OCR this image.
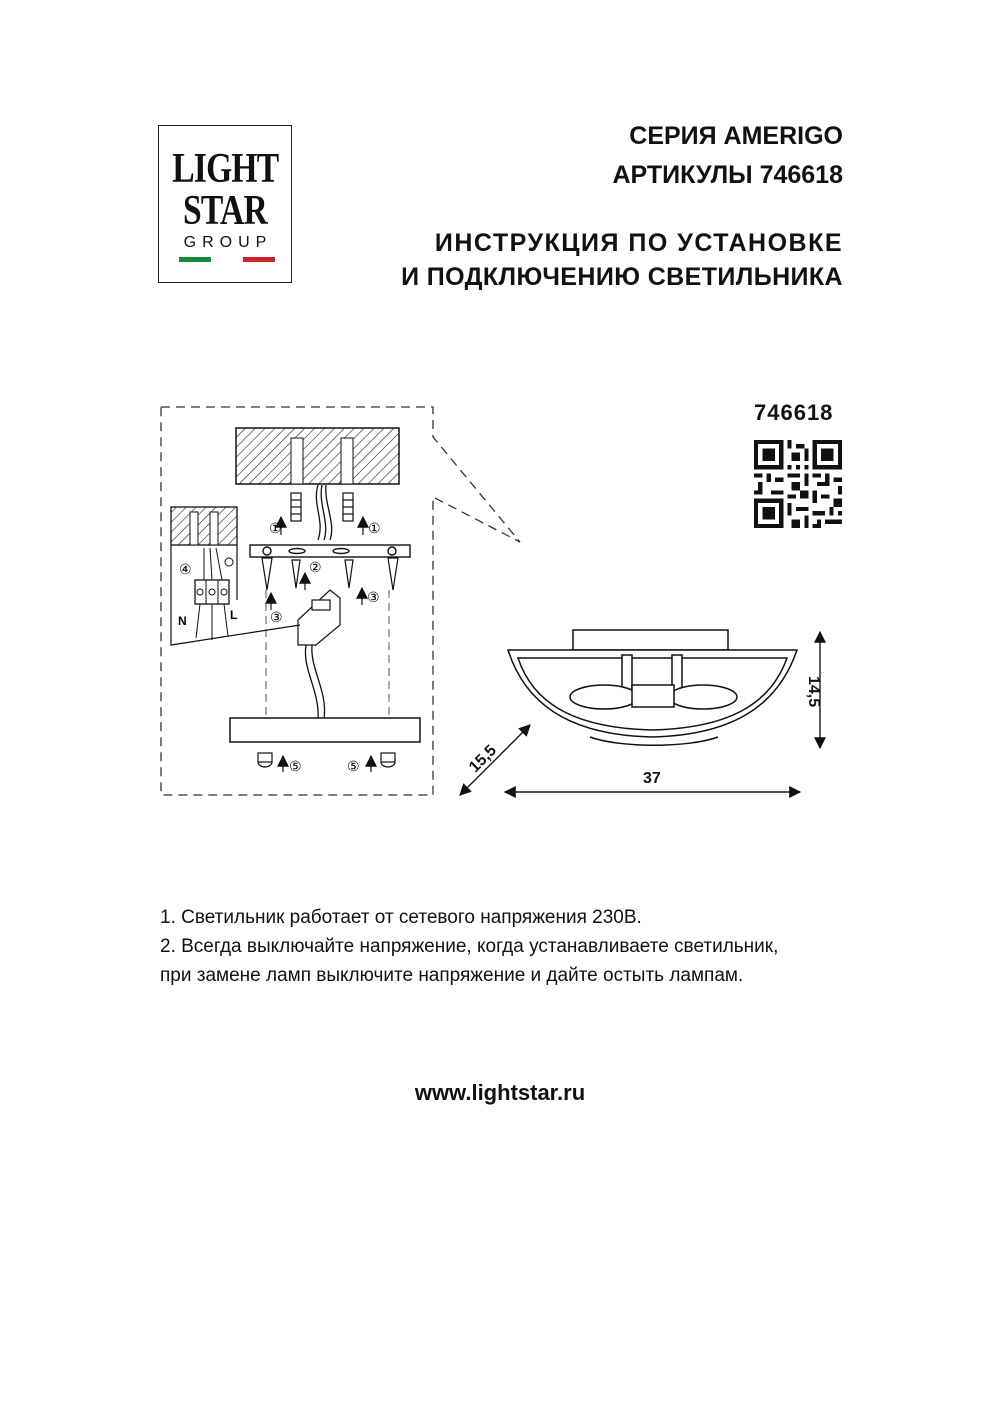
LIGHT
STAR
GROUP
СЕРИЯ AMERIGO
АРТИКУЛЫ 746618
ИНСТРУКЦИЯ ПО УСТАНОВКЕ
И ПОДКЛЮЧЕНИЮ СВЕТИЛЬНИКА
746618
①	①
③
③
②
⑤	⑤
④
N	L
37
14,5
15,5

1. Светильник работает от сетевого напряжения 230В.

2. Всегда выключайте напряжение, когда устанавливаете светильник,

при замене ламп выключите напряжение и дайте остыть лампам.

www.lightstar.ru
